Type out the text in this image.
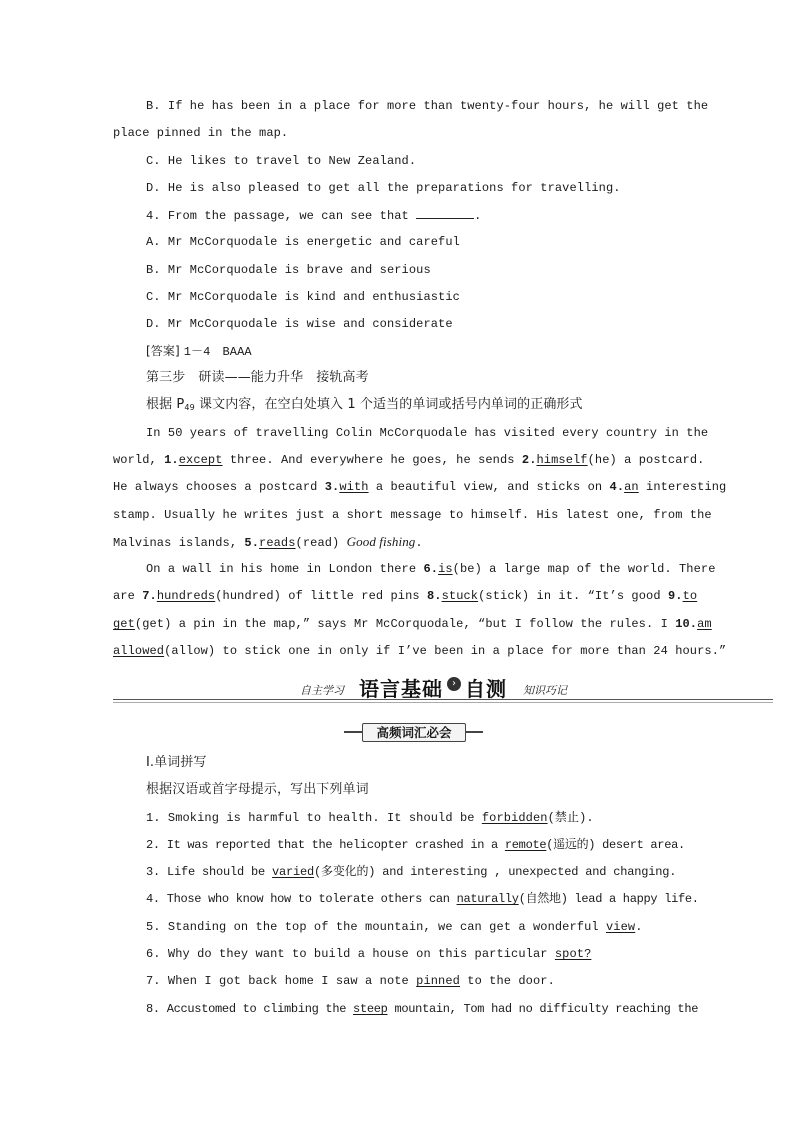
B. If he has been in a place for more than twenty-four hours, he will get the
place pinned in the map.
C. He likes to travel to New Zealand.
D. He is also pleased to get all the preparations for travelling.
4. From the passage, we can see that	.
A. Mr McCorquodale is energetic and careful
B. Mr McCorquodale is brave and serious
C. Mr McCorquodale is kind and enthusiastic
D. Mr McCorquodale is wise and considerate
[答案] 1－4　BAAA
第三步　研读——能力升华　接轨高考
根据 $P_{49}$ 课文内容，在空白处填入 1 个适当的单词或括号内单词的正确形式
In 50 years of travelling Colin McCorquodale has visited every country in the
world, 1.except three. And everywhere he goes, he sends 2.himself(he) a postcard.
He always chooses a postcard 3.with a beautiful view, and sticks on 4.an interesting
stamp. Usually he writes just a short message to himself. His latest one, from the
Malvinas islands, 5.reads(read) Good fishing.
On a wall in his home in London there 6.is(be) a large map of the world. There
are 7.hundreds(hundred) of little red pins 8.stuck(stick) in it. “It’s good 9.to
get(get) a pin in the map,” says Mr McCorquodale, “but I follow the rules. I 10.am
allowed(allow) to stick one in only if I’ve been in a place for more than 24 hours.”
自主学习 语言基础 › 自测 知识巧记
高频词汇必会
Ⅰ.单词拼写
根据汉语或首字母提示，写出下列单词
1. Smoking is harmful to health. It should be forbidden(禁止).
2. It was reported that the helicopter crashed in a remote(遥远的) desert area.
3. Life should be varied(多变化的) and interesting , unexpected and changing.
4. Those who know how to tolerate others can naturally(自然地) lead a happy life.
5. Standing on the top of the mountain, we can get a wonderful view.
6. Why do they want to build a house on this particular spot?
7. When I got back home I saw a note pinned to the door.
8. Accustomed to climbing the steep mountain, Tom had no difficulty reaching the
